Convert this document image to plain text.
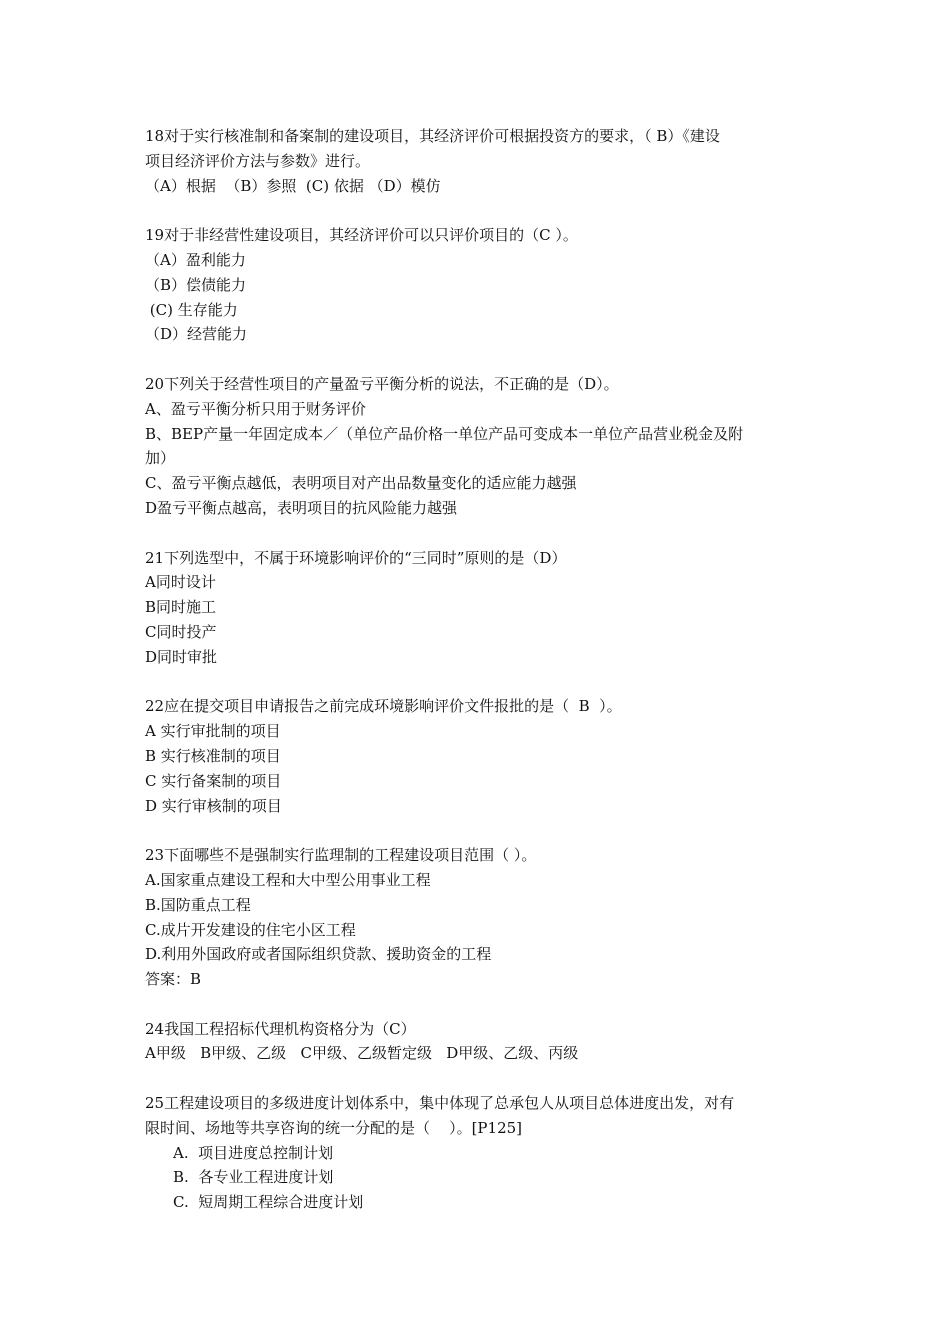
18对于实行核准制和备案制的建设项目，其经济评价可根据投资方的要求，（ B）《建设
项目经济评价方法与参数》进行。
（A）根据  （B）参照  (C) 依据 （D）模仿
19对于非经营性建设项目，其经济评价可以只评价项目的（C ）。
（A）盈利能力
（B）偿债能力
(C) 生存能力
（D）经营能力
20下列关于经营性项目的产量盈亏平衡分析的说法，不正确的是（D）。
A、盈亏平衡分析只用于财务评价
B、BEP产量一年固定成本／（单位产品价格一单位产品可变成本一单位产品营业税金及附
加）
C、盈亏平衡点越低，表明项目对产出品数量变化的适应能力越强
D盈亏平衡点越高，表明项目的抗风险能力越强
21下列选型中，不属于环境影响评价的“三同时”原则的是（D）
A同时设计
B同时施工
C同时投产
D同时审批
22应在提交项目申请报告之前完成环境影响评价文件报批的是（  B  ）。
A 实行审批制的项目
B 实行核准制的项目
C 实行备案制的项目
D 实行审核制的项目
23下面哪些不是强制实行监理制的工程建设项目范围（ ）。
A.国家重点建设工程和大中型公用事业工程
B.国防重点工程
C.成片开发建设的住宅小区工程
D.利用外国政府或者国际组织贷款、援助资金的工程
答案：B
24我国工程招标代理机构资格分为（C）
A甲级   B甲级、乙级   C甲级、乙级暂定级   D甲级、乙级、丙级
25工程建设项目的多级进度计划体系中，集中体现了总承包人从项目总体进度出发，对有
限时间、场地等共享咨询的统一分配的是（    ）。[P125]
A.  项目进度总控制计划
B.  各专业工程进度计划
C.  短周期工程综合进度计划
